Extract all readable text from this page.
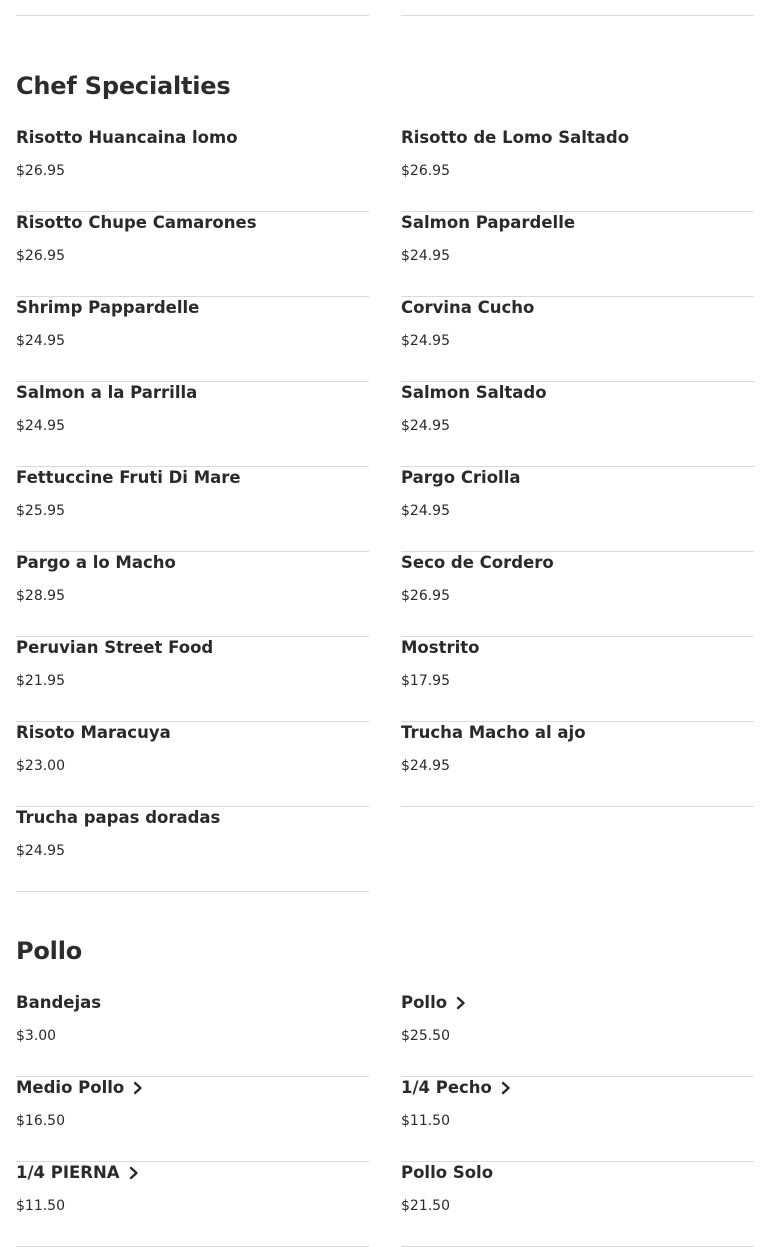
Chef Specialties
Risotto Huancaina lomo
$26.95
Risotto de Lomo Saltado
$26.95
Risotto Chupe Camarones
$26.95
Salmon Papardelle
$24.95
Shrimp Pappardelle
$24.95
Corvina Cucho
$24.95
Salmon a la Parrilla
$24.95
Salmon Saltado
$24.95
Fettuccine Fruti Di Mare
$25.95
Pargo Criolla
$24.95
Pargo a lo Macho
$28.95
Seco de Cordero
$26.95
Peruvian Street Food
$21.95
Mostrito
$17.95
Risoto Maracuya
$23.00
Trucha Macho al ajo
$24.95
Trucha papas doradas
$24.95
Pollo
Bandejas
$3.00
Pollo
$25.50
Medio Pollo
$16.50
1/4 Pecho
$11.50
1/4 PIERNA
$11.50
Pollo Solo
$21.50
